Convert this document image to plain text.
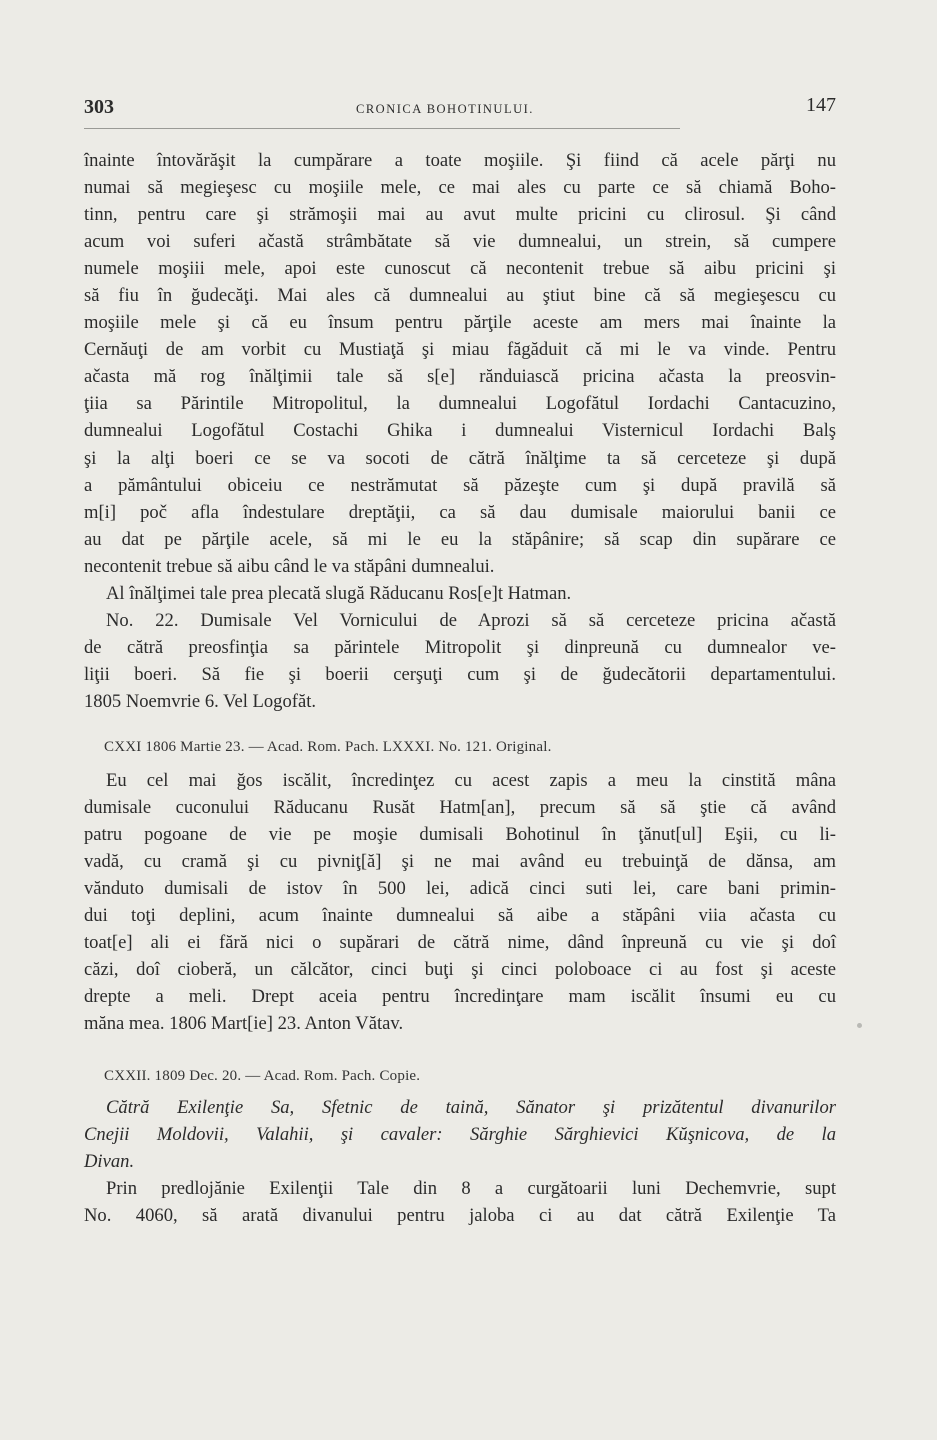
303	CRONICA BOHOTINULUI.	147
înainte întovărăşit la cumpărare a toate moşiile. Şi fiind că acele părţi nu
numai să megieşesc cu moşiile mele, ce mai ales cu parte ce să chiamă Boho-
tinn, pentru care şi strămoşii mai au avut multe pricini cu clirosul. Şi când
acum voi suferi ačastă strâmbătate să vie dumnealui, un strein, să cumpere
numele moşiii mele, apoi este cunoscut că necontenit trebue să aibu pricini şi
să fiu în ğudecăţi. Mai ales că dumnealui au ştiut bine că să megieşescu cu
moşiile mele şi că eu însum pentru părţile aceste am mers mai înainte la
Cernăuţi de am vorbit cu Mustiaţă şi miau făgăduit că mi le va vinde. Pentru
ačasta mă rog înălţimii tale să s[e] rănduiască pricina ačasta la preosvin-
ţiia sa Părintile Mitropolitul, la dumnealui Logofătul Iordachi Cantacuzino,
dumnealui Logofătul Costachi Ghika i dumnealui Visternicul Iordachi Balş
şi la alţi boeri ce se va socoti de cătră înălţime ta să cerceteze şi după
a pământului obiceiu ce nestrămutat să păzeşte cum şi după pravilă să
m[i] poč afla îndestulare dreptăţii, ca să dau dumisale maiorului banii ce
au dat pe părţile acele, să mi le eu la stăpânire; să scap din supărare ce
necontenit trebue să aibu când le va stăpâni dumnealui.
Al înălţimei tale prea plecată slugă Răducanu Ros[e]t Hatman.
No. 22. Dumisale Vel Vornicului de Aprozi să să cerceteze pricina ačastă
de cătră preosfinţia sa părintele Mitropolit şi dinpreună cu dumnealor ve-
liţii boeri. Să fie şi boerii cerşuţi cum şi de ğudecătorii departamentului.
1805 Noemvrie 6. Vel Logofăt.
CXXI 1806 Martie 23. — Acad. Rom. Pach. LXXXI. No. 121. Original.
Eu cel mai ğos iscălit, încredinţez cu acest zapis a meu la cinstită mâna
dumisale cuconului Răducanu Rusăt Hatm[an], precum să să ştie că având
patru pogoane de vie pe moşie dumisali Bohotinul în ţănut[ul] Eşii, cu li-
vadă, cu cramă şi cu pivniţ[ă] şi ne mai având eu trebuinţă de dănsa, am
vănduto dumisali de istov în 500 lei, adică cinci suti lei, care bani primin-
dui toţi deplini, acum înainte dumnealui să aibe a stăpâni viia ačasta cu
toat[e] ali ei fără nici o supărari de cătră nime, dând înpreună cu vie şi doî
căzi, doî cioberă, un călcător, cinci buţi şi cinci poloboace ci au fost şi aceste
drepte a meli. Drept aceia pentru încredinţare mam iscălit însumi eu cu
măna mea. 1806 Mart[ie] 23. Anton Vătav.
CXXII. 1809 Dec. 20. — Acad. Rom. Pach. Copie.
Cătră Exilenţie Sa, Sfetnic de taină, Sănator şi prizătentul divanurilor
Cnejii Moldovii, Valahii, şi cavaler: Sărghie Sărghievici Kŭşnicova, de la
Divan.
Prin predlojănie Exilenţii Tale din 8 a curgătoarii luni Dechemvrie, supt
No. 4060, să arată divanului pentru jaloba ci au dat cătră Exilenţie Ta
